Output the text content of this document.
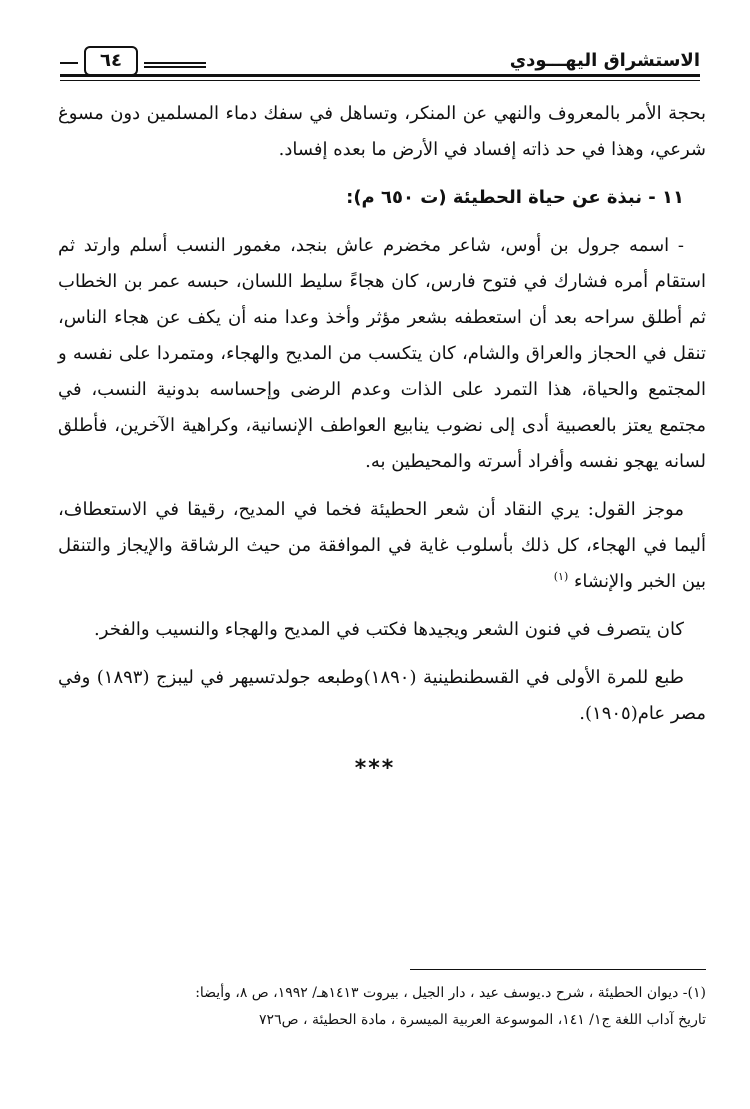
الاستشراق اليهـــودي
٦٤

بحجة الأمر بالمعروف والنهي عن المنكر، وتساهل في سفك دماء المسلمين دون مسوغ شرعي، وهذا في حد ذاته إفساد في الأرض ما بعده إفساد.

١١ - نبذة عن حياة الحطيئة (ت ٦٥٠ م):

- اسمه جرول بن أوس، شاعر مخضرم عاش بنجد، مغمور النسب أسلم وارتد ثم استقام أمره فشارك في فتوح فارس، كان هجاءً سليط اللسان، حبسه عمر بن الخطاب ثم أطلق سراحه بعد أن استعطفه بشعر مؤثر وأخذ وعدا منه أن يكف عن هجاء الناس، تنقل في الحجاز والعراق والشام، كان يتكسب من المديح والهجاء، ومتمردا على نفسه و المجتمع والحياة، هذا التمرد على الذات وعدم الرضى وإحساسه بدونية النسب، في مجتمع يعتز بالعصبية أدى إلى نضوب ينابيع العواطف الإنسانية، وكراهية الآخرين، فأطلق لسانه يهجو نفسه وأفراد أسرته والمحيطين به.

موجز القول: يري النقاد أن شعر الحطيئة فخما في المديح، رقيقا في الاستعطاف، أليما في الهجاء، كل ذلك بأسلوب غاية في الموافقة من حيث الرشاقة والإيجاز والتنقل بين الخبر والإنشاء $^{(١)}$

كان يتصرف في فنون الشعر ويجيدها فكتب في المديح والهجاء والنسيب والفخر.

طبع للمرة الأولى في القسطنطينية (١٨٩٠)وطبعه جولدتسيهر في ليبزج (١٨٩٣) وفي مصر عام(١٩٠٥).

***
(١)- ديوان الحطيئة ، شرح د.يوسف عيد ، دار الجيل ، بيروت ١٤١٣هـ/ ١٩٩٢، ص ٨، وأيضا:
تاريخ آداب اللغة ج١/ ١٤١، الموسوعة العربية الميسرة ، مادة الحطيئة ، ص٧٢٦
